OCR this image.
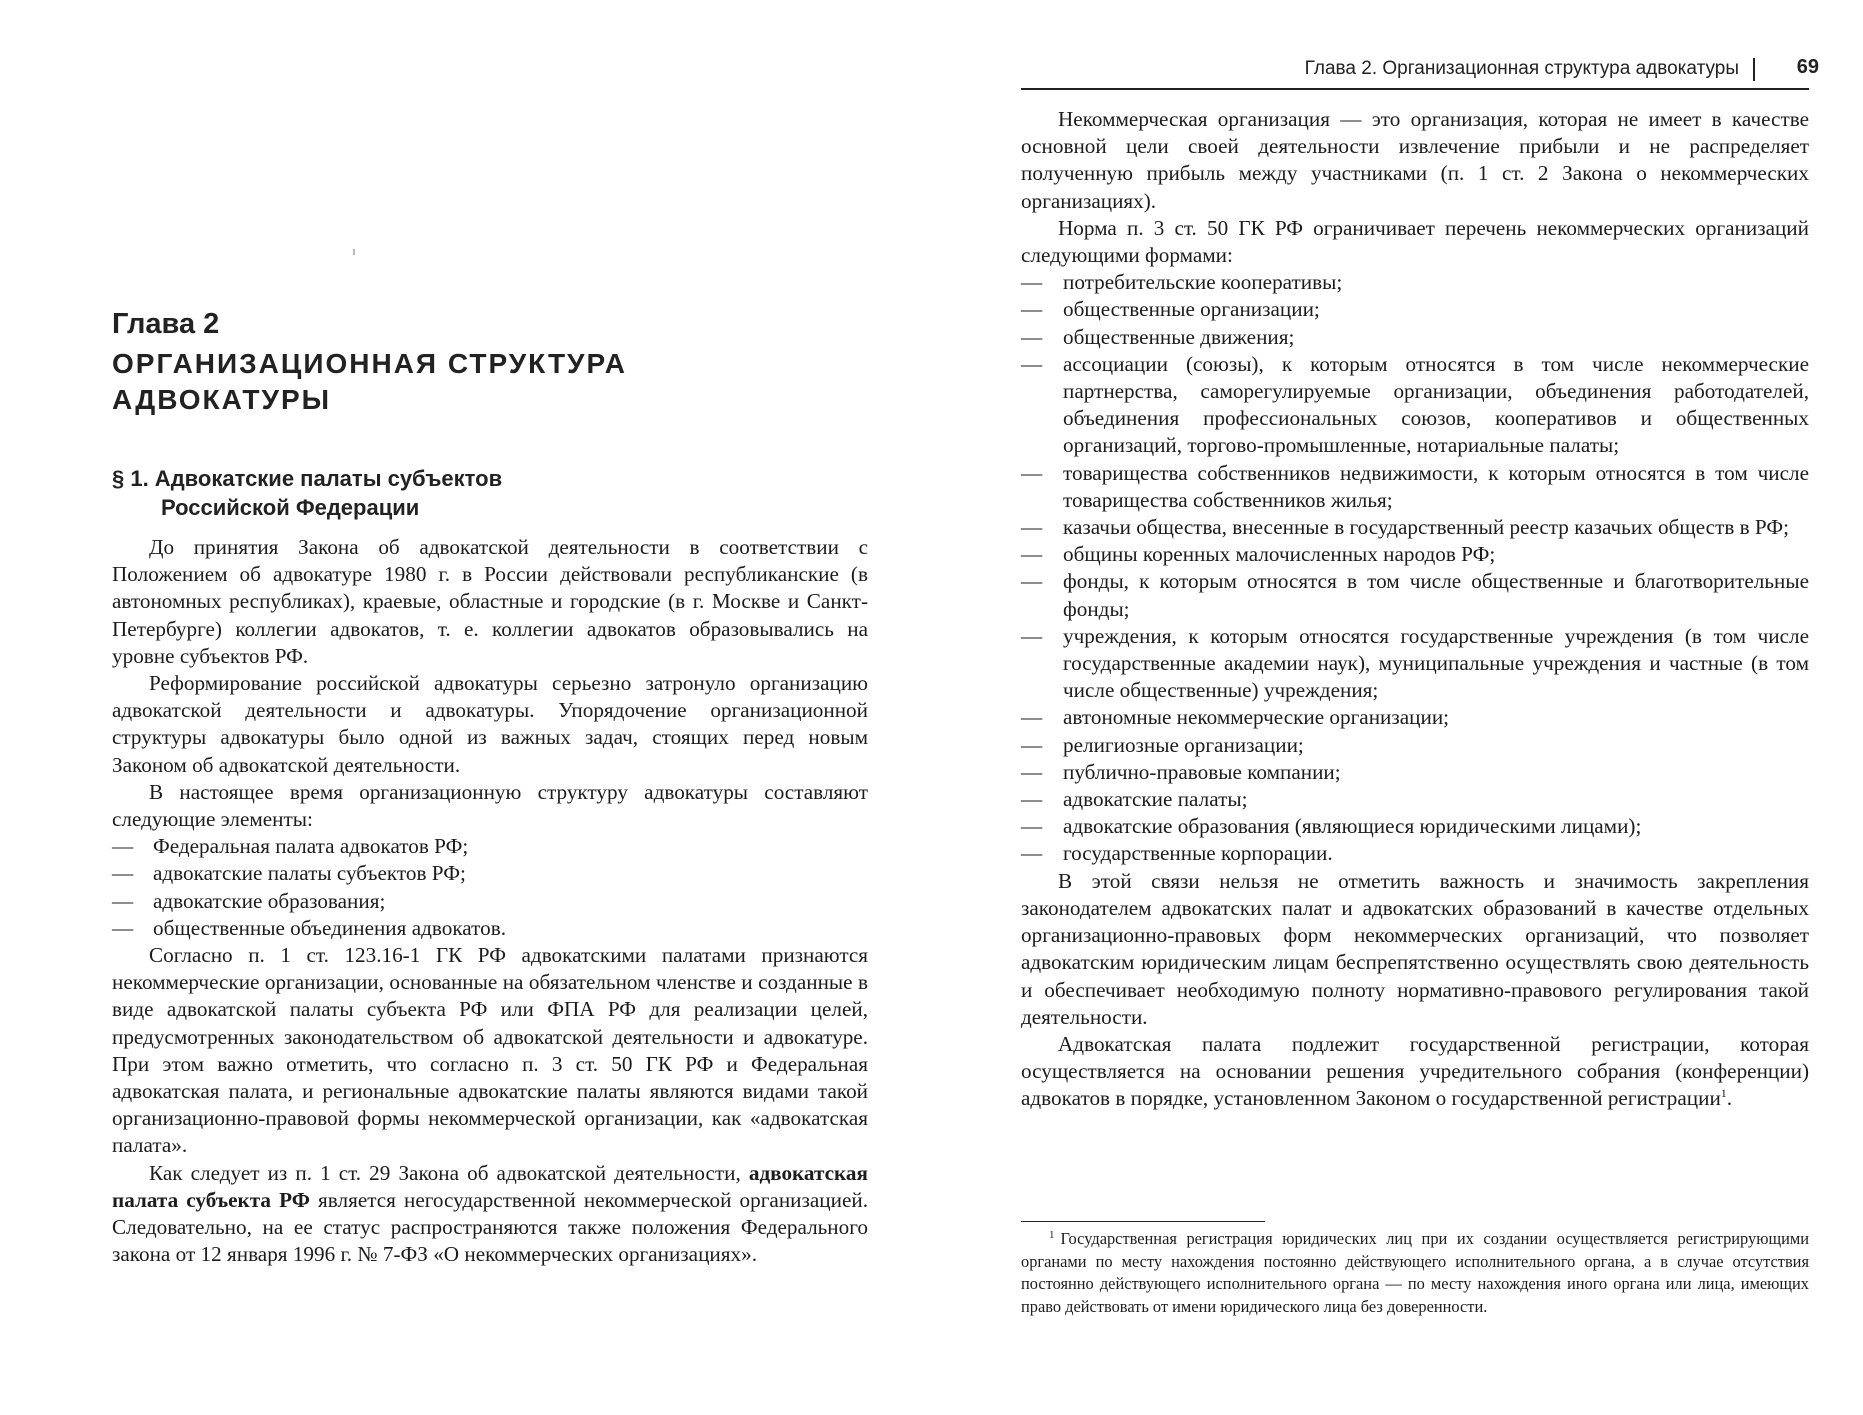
Глава 2
ОРГАНИЗАЦИОННАЯ СТРУКТУРА АДВОКАТУРЫ
§ 1. Адвокатские палаты субъектов
Российской Федерации

До принятия Закона об адвокатской деятельности в соответствии с Положением об адвокатуре 1980 г. в России действовали республиканские (в автономных республиках), краевые, областные и городские (в г. Москве и Санкт-Петербурге) коллегии адвокатов, т. е. коллегии адвокатов образовывались на уровне субъектов РФ.

Реформирование российской адвокатуры серьезно затронуло организацию адвокатской деятельности и адвокатуры. Упорядочение организационной структуры адвокатуры было одной из важных задач, стоящих перед новым Законом об адвокатской деятельности.

В настоящее время организационную структуру адвокатуры составляют следующие элементы:

— Федеральная палата адвокатов РФ;
— адвокатские палаты субъектов РФ;
— адвокатские образования;
— общественные объединения адвокатов.

Согласно п. 1 ст. 123.16-1 ГК РФ адвокатскими палатами признаются некоммерческие организации, основанные на обязательном членстве и созданные в виде адвокатской палаты субъекта РФ или ФПА РФ для реализации целей, предусмотренных законодательством об адвокатской деятельности и адвокатуре. При этом важно отметить, что согласно п. 3 ст. 50 ГК РФ и Федеральная адвокатская палата, и региональные адвокатские палаты являются видами такой организационно-правовой формы некоммерческой организации, как «адвокатская палата».

Как следует из п. 1 ст. 29 Закона об адвокатской деятельности, адвокатская палата субъекта РФ является негосударственной некоммерческой организацией. Следовательно, на ее статус распространяются также положения Федерального закона от 12 января 1996 г. № 7-ФЗ «О некоммерческих организациях».

Глава 2. Организационная структура адвокатуры	69

Некоммерческая организация — это организация, которая не имеет в качестве основной цели своей деятельности извлечение прибыли и не распределяет полученную прибыль между участниками (п. 1 ст. 2 Закона о некоммерческих организациях).

Норма п. 3 ст. 50 ГК РФ ограничивает перечень некоммерческих организаций следующими формами:

— потребительские кооперативы;
— общественные организации;
— общественные движения;
— ассоциации (союзы), к которым относятся в том числе некоммерческие партнерства, саморегулируемые организации, объединения работодателей, объединения профессиональных союзов, кооперативов и общественных организаций, торгово-промышленные, нотариальные палаты;
— товарищества собственников недвижимости, к которым относятся в том числе товарищества собственников жилья;
— казачьи общества, внесенные в государственный реестр казачьих обществ в РФ;
— общины коренных малочисленных народов РФ;
— фонды, к которым относятся в том числе общественные и благотворительные фонды;
— учреждения, к которым относятся государственные учреждения (в том числе государственные академии наук), муниципальные учреждения и частные (в том числе общественные) учреждения;
— автономные некоммерческие организации;
— религиозные организации;
— публично-правовые компании;
— адвокатские палаты;
— адвокатские образования (являющиеся юридическими лицами);
— государственные корпорации.

В этой связи нельзя не отметить важность и значимость закрепления законодателем адвокатских палат и адвокатских образований в качестве отдельных организационно-правовых форм некоммерческих организаций, что позволяет адвокатским юридическим лицам беспрепятственно осуществлять свою деятельность и обеспечивает необходимую полноту нормативно-правового регулирования такой деятельности.

Адвокатская палата подлежит государственной регистрации, которая осуществляется на основании решения учредительного собрания (конференции) адвокатов в порядке, установленном Законом о государственной регистрации$^1$.

$^1$ Государственная регистрация юридических лиц при их создании осуществляется регистрирующими органами по месту нахождения постоянно действующего исполнительного органа, а в случае отсутствия постоянно действующего исполнительного органа — по месту нахождения иного органа или лица, имеющих право действовать от имени юридического лица без доверенности.
